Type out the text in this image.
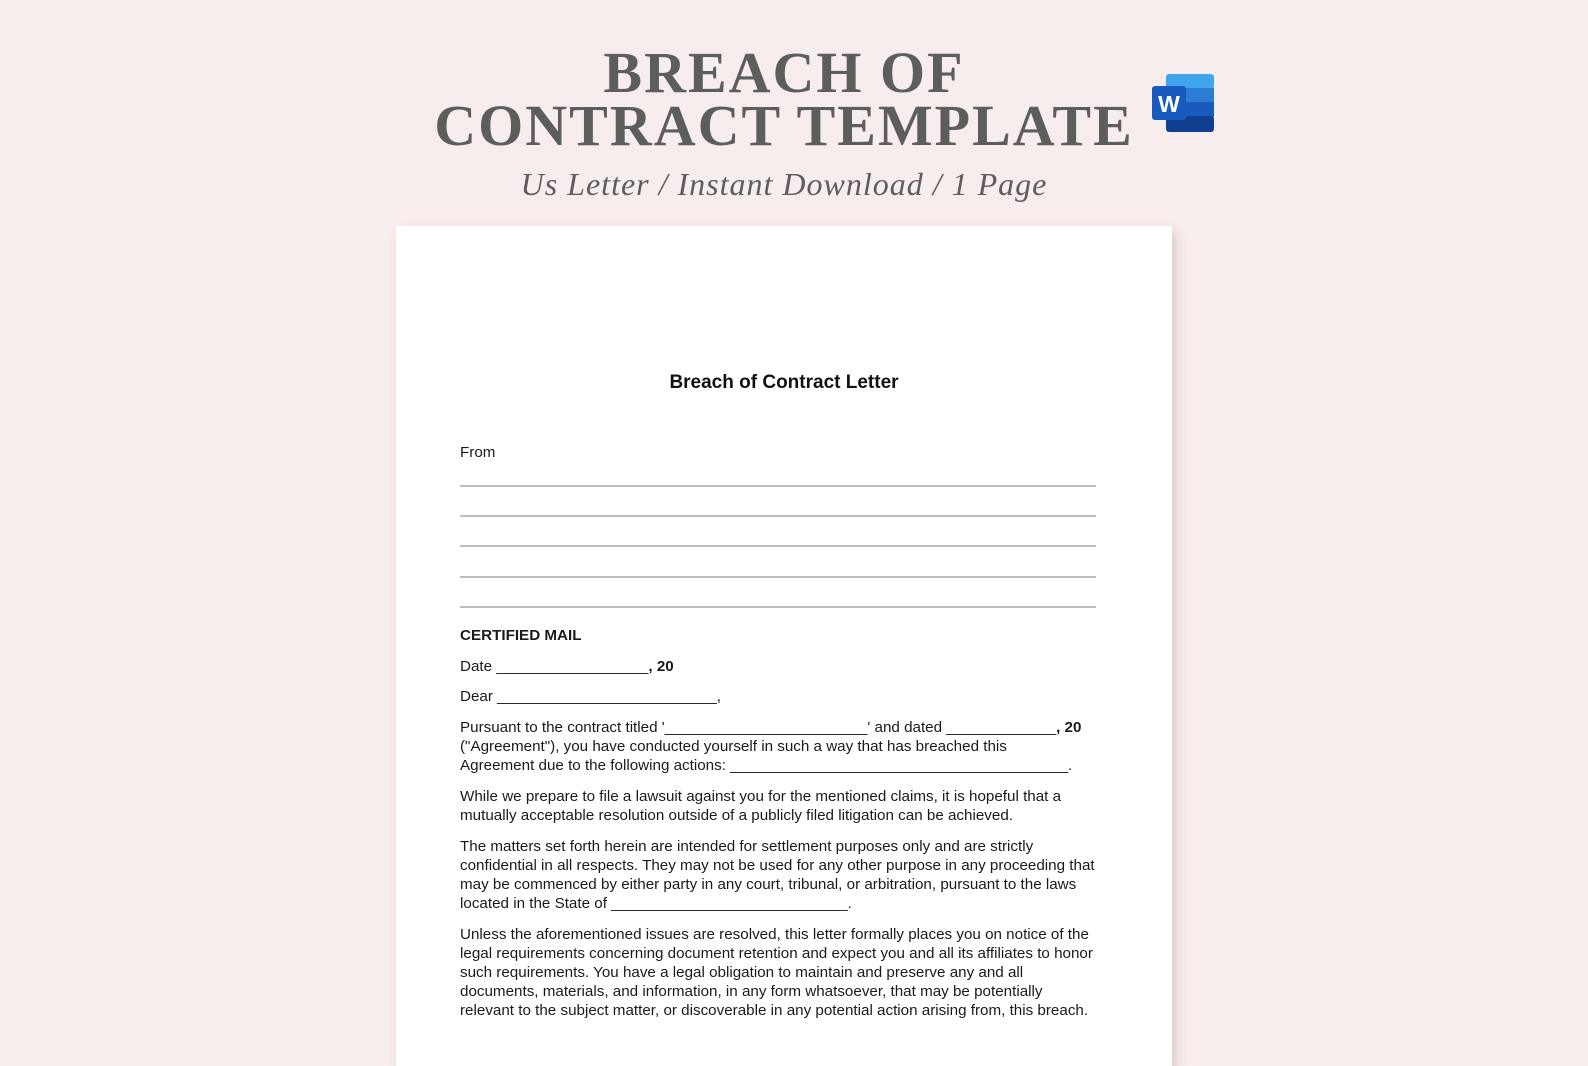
BREACH OF
CONTRACT TEMPLATE

Us Letter / Instant Download / 1 Page

W
Breach of Contract Letter

From

CERTIFIED MAIL

Date __________________, 20

Dear __________________________,

Pursuant to the contract titled '________________________' and dated _____________, 20

("Agreement"), you have conducted yourself in such a way that has breached this

Agreement due to the following actions: ________________________________________.

While we prepare to file a lawsuit against you for the mentioned claims, it is hopeful that a mutually acceptable resolution outside of a publicly filed litigation can be achieved.

The matters set forth herein are intended for settlement purposes only and are strictly confidential in all respects. They may not be used for any other purpose in any proceeding that may be commenced by either party in any court, tribunal, or arbitration, pursuant to the laws located in the State of ____________________________.

Unless the aforementioned issues are resolved, this letter formally places you on notice of the legal requirements concerning document retention and expect you and all its affiliates to honor such requirements. You have a legal obligation to maintain and preserve any and all documents, materials, and information, in any form whatsoever, that may be potentially relevant to the subject matter, or discoverable in any potential action arising from, this breach.
